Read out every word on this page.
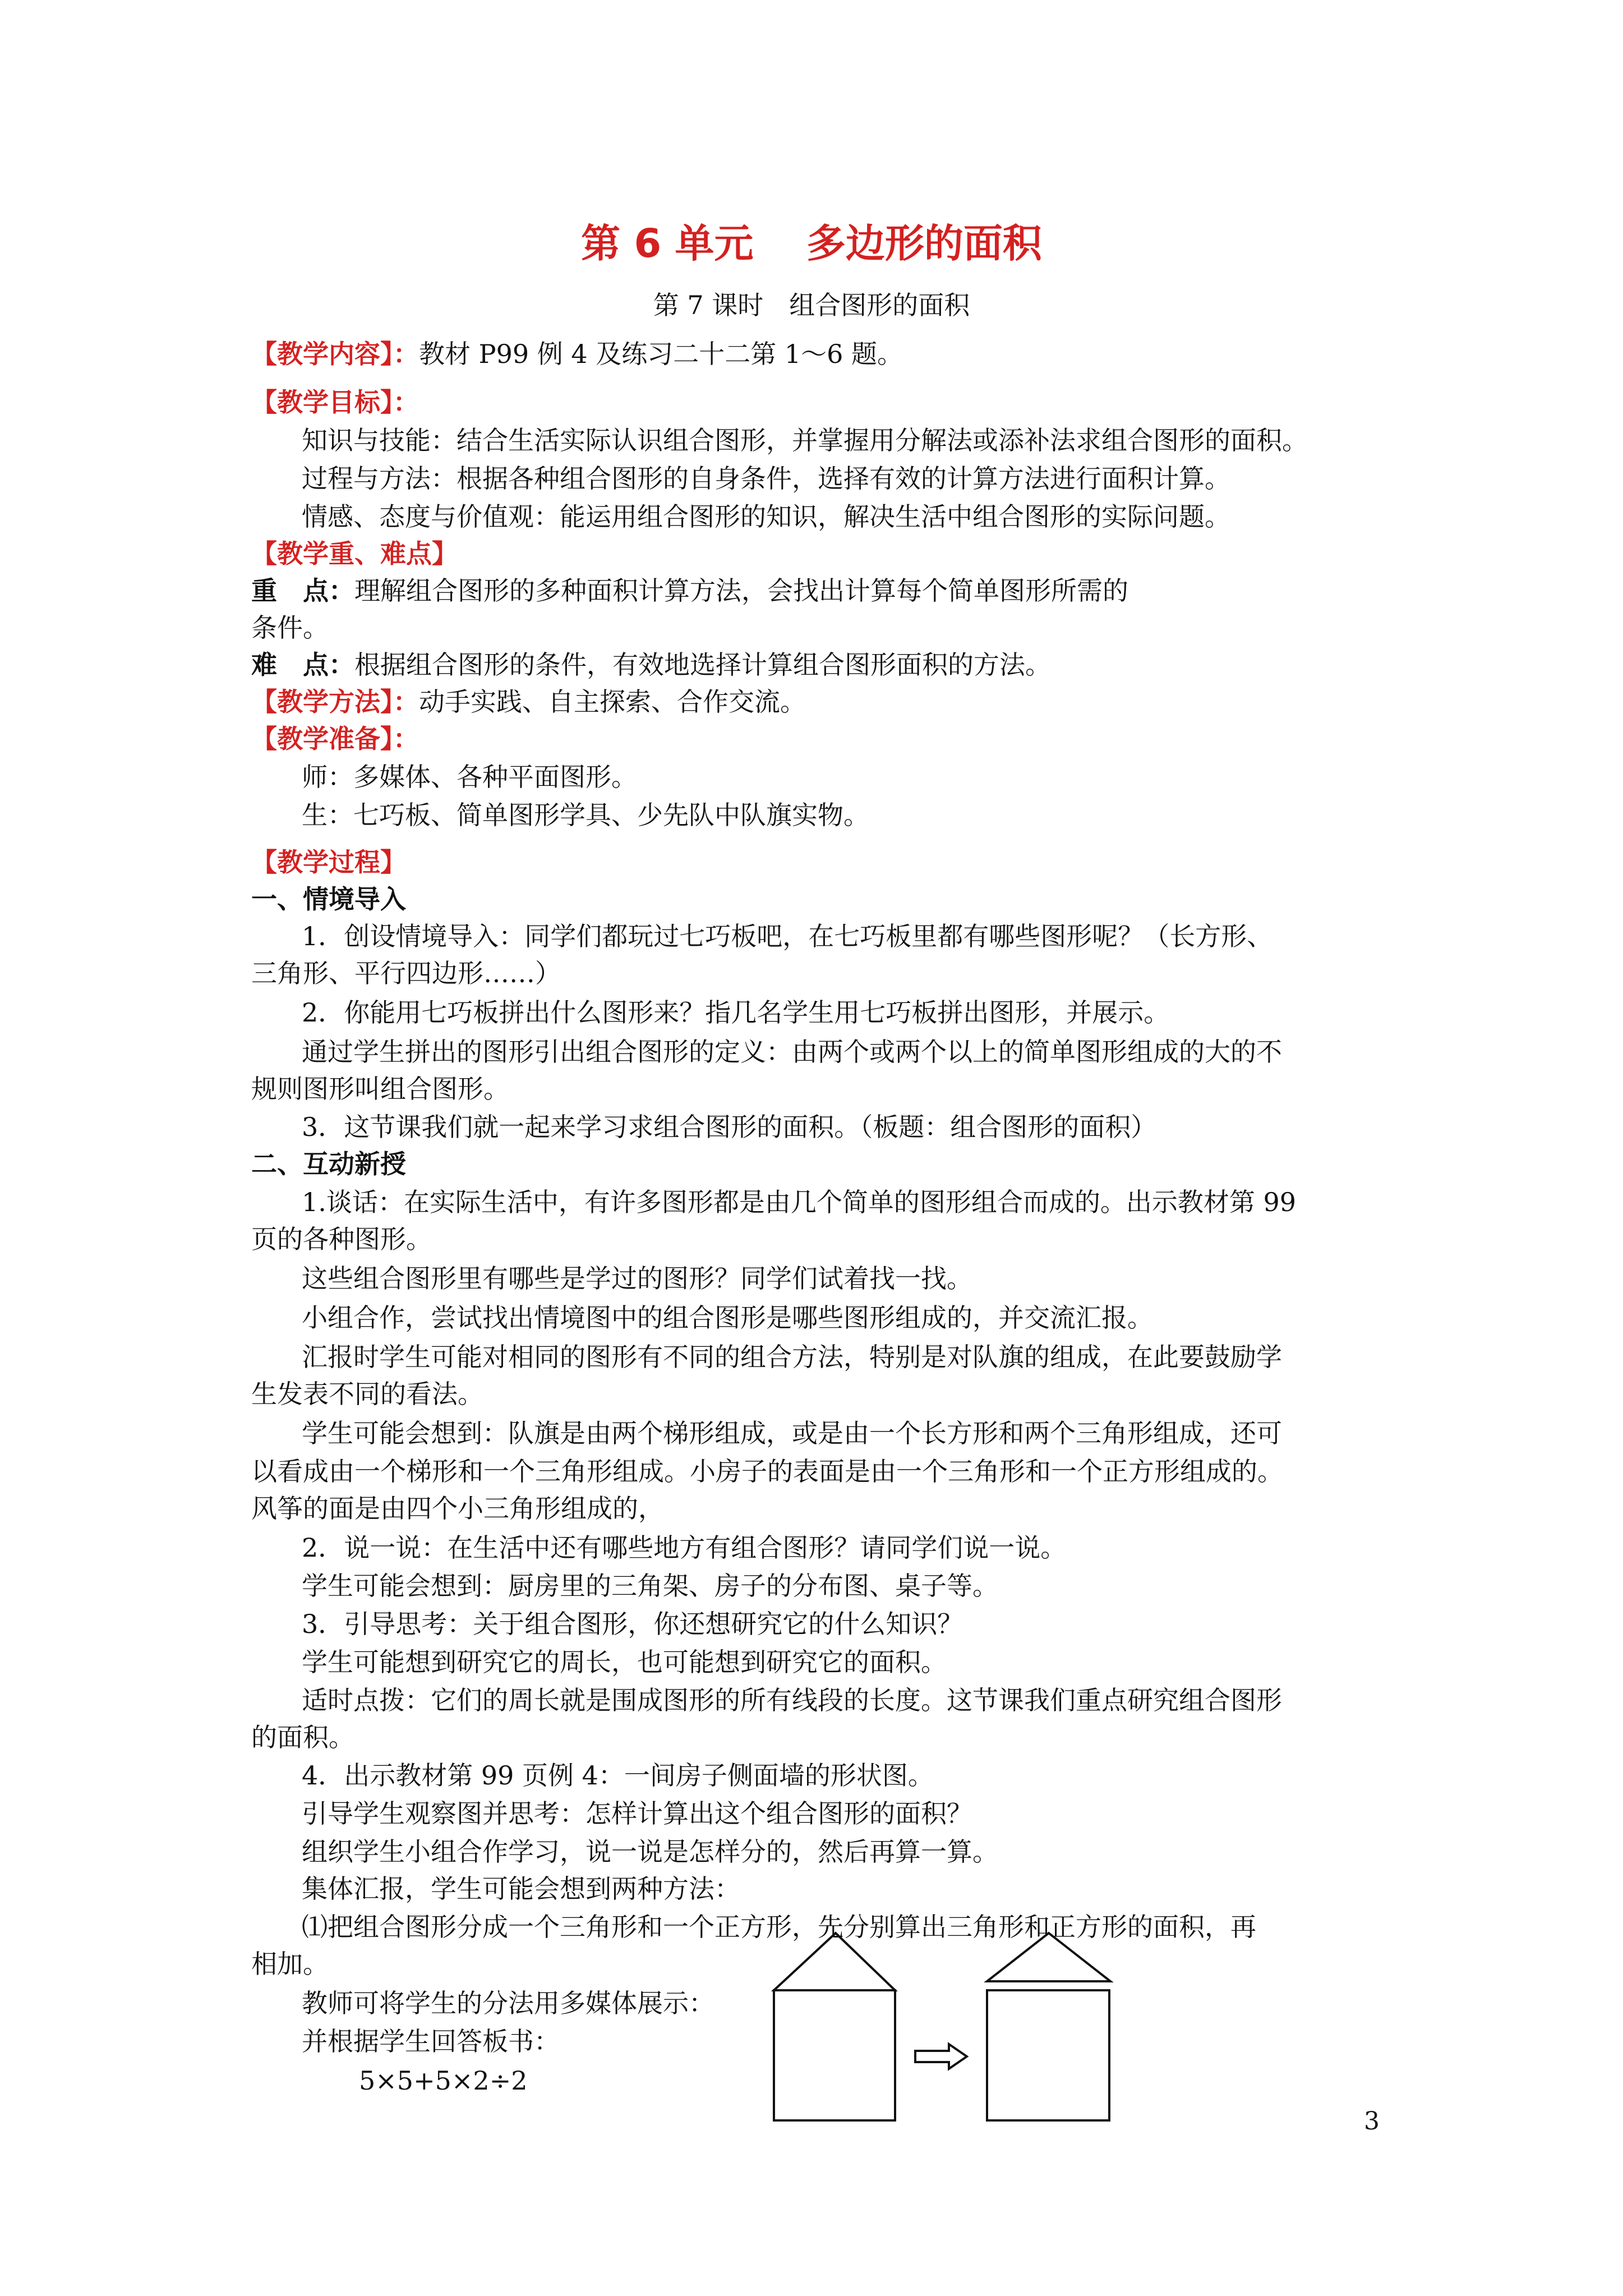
第 6 单元　 多边形的面积
第 7 课时　组合图形的面积
【教学内容】：教材 P99 例 4 及练习二十二第 1～6 题。
【教学目标】：
知识与技能：结合生活实际认识组合图形，并掌握用分解法或添补法求组合图形的面积。
过程与方法：根据各种组合图形的自身条件，选择有效的计算方法进行面积计算。
情感、态度与价值观：能运用组合图形的知识，解决生活中组合图形的实际问题。
【教学重、难点】
重　点：理解组合图形的多种面积计算方法，会找出计算每个简单图形所需的
条件。
难　点：根据组合图形的条件，有效地选择计算组合图形面积的方法。
【教学方法】：动手实践、自主探索、合作交流。
【教学准备】：
师：多媒体、各种平面图形。
生：七巧板、简单图形学具、少先队中队旗实物。
【教学过程】
一、情境导入
1．创设情境导入：同学们都玩过七巧板吧，在七巧板里都有哪些图形呢？（长方形、
三角形、平行四边形……）
2．你能用七巧板拼出什么图形来？指几名学生用七巧板拼出图形，并展示。
通过学生拼出的图形引出组合图形的定义：由两个或两个以上的简单图形组成的大的不
规则图形叫组合图形。
3．这节课我们就一起来学习求组合图形的面积。（板题：组合图形的面积）
二、互动新授
1.谈话：在实际生活中，有许多图形都是由几个简单的图形组合而成的。出示教材第 99
页的各种图形。
这些组合图形里有哪些是学过的图形？同学们试着找一找。
小组合作，尝试找出情境图中的组合图形是哪些图形组成的，并交流汇报。
汇报时学生可能对相同的图形有不同的组合方法，特别是对队旗的组成，在此要鼓励学
生发表不同的看法。
学生可能会想到：队旗是由两个梯形组成，或是由一个长方形和两个三角形组成，还可
以看成由一个梯形和一个三角形组成。小房子的表面是由一个三角形和一个正方形组成的。
风筝的面是由四个小三角形组成的，
2．说一说：在生活中还有哪些地方有组合图形？请同学们说一说。
学生可能会想到：厨房里的三角架、房子的分布图、桌子等。
3．引导思考：关于组合图形，你还想研究它的什么知识？
学生可能想到研究它的周长，也可能想到研究它的面积。
适时点拨：它们的周长就是围成图形的所有线段的长度。这节课我们重点研究组合图形
的面积。
4．出示教材第 99 页例 4：一间房子侧面墙的形状图。
引导学生观察图并思考：怎样计算出这个组合图形的面积？
组织学生小组合作学习，说一说是怎样分的，然后再算一算。
集体汇报，学生可能会想到两种方法：
⑴把组合图形分成一个三角形和一个正方形，先分别算出三角形和正方形的面积，再
相加。
教师可将学生的分法用多媒体展示：
并根据学生回答板书：
5×5+5×2÷2
3
